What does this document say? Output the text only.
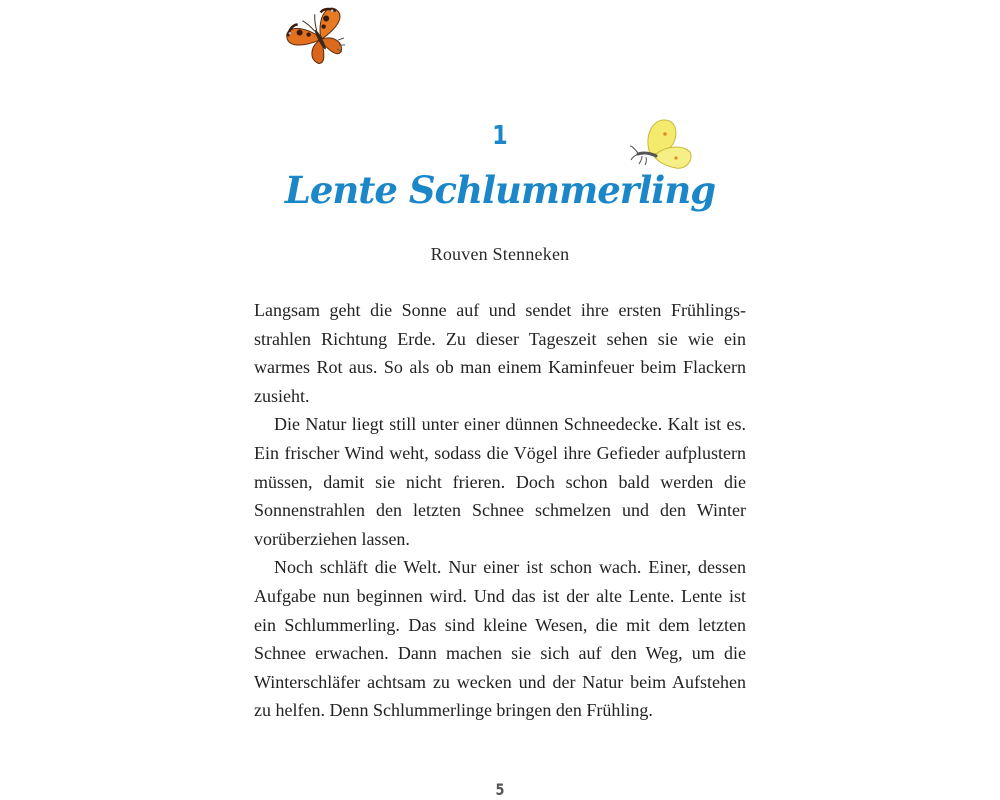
1
Lente Schlummerling
Rouven Stenneken

Langsam geht die Sonne auf und sendet ihre ersten Frühlingsstrahlen Richtung Erde. Zu dieser Tageszeit sehen sie wie ein warmes Rot aus. So als ob man einem Kaminfeuer beim Flackern zusieht.

Die Natur liegt still unter einer dünnen Schneedecke. Kalt ist es. Ein frischer Wind weht, sodass die Vögel ihre Gefieder aufplustern müssen, damit sie nicht frieren. Doch schon bald werden die Sonnenstrahlen den letzten Schnee schmelzen und den Winter vorüberziehen lassen.

Noch schläft die Welt. Nur einer ist schon wach. Einer, dessen Aufgabe nun beginnen wird. Und das ist der alte Lente. Lente ist ein Schlummerling. Das sind kleine Wesen, die mit dem letzten Schnee erwachen. Dann machen sie sich auf den Weg, um die Winterschläfer achtsam zu wecken und der Natur beim Aufstehen zu helfen. Denn Schlummerlinge bringen den Frühling.

5
